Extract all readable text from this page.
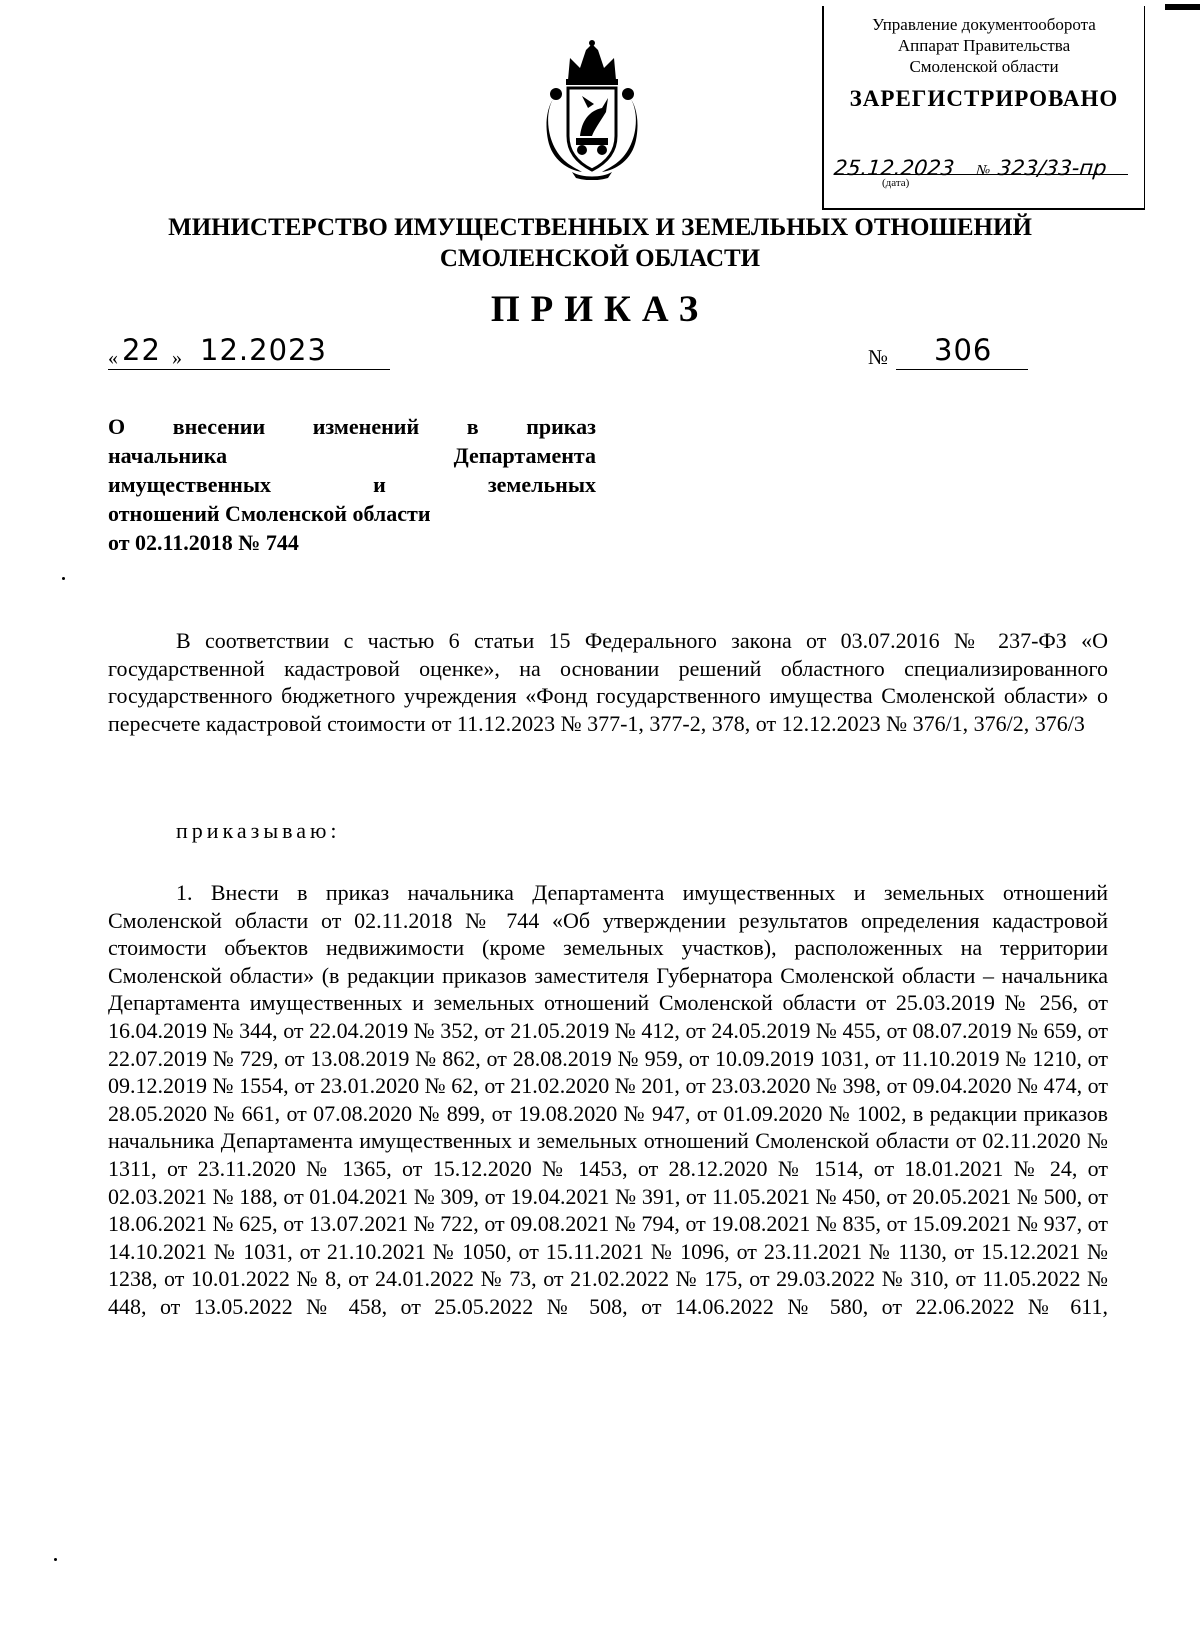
Управление документооборота
Аппарат Правительства
Смоленской области
ЗАРЕГИСТРИРОВАНО
25.12.2023 № 323/33-пр
(дата)
МИНИСТЕРСТВО ИМУЩЕСТВЕННЫХ И ЗЕМЕЛЬНЫХ ОТНОШЕНИЙ
СМОЛЕНСКОЙ ОБЛАСТИ
ПРИКАЗ
« 22 » 12.2023	№ 306
О внесении изменений в приказ
начальника Департамента
имущественных и земельных
отношений Смоленской области
от 02.11.2018 № 744

В соответствии с частью 6 статьи 15 Федерального закона от 03.07.2016 № 237-ФЗ «О государственной кадастровой оценке», на основании решений областного специализированного государственного бюджетного учреждения «Фонд государственного имущества Смоленской области» о пересчете кадастровой стоимости от 11.12.2023 № 377-1, 377-2, 378, от 12.12.2023 № 376/1, 376/2, 376/3

приказываю:

1. Внести в приказ начальника Департамента имущественных и земельных отношений Смоленской области от 02.11.2018 № 744 «Об утверждении результатов определения кадастровой стоимости объектов недвижимости (кроме земельных участков), расположенных на территории Смоленской области» (в редакции приказов заместителя Губернатора Смоленской области – начальника Департамента имущественных и земельных отношений Смоленской области от 25.03.2019 № 256, от 16.04.2019 № 344, от 22.04.2019 № 352, от 21.05.2019 № 412, от 24.05.2019 № 455, от 08.07.2019 № 659, от 22.07.2019 № 729, от 13.08.2019 № 862, от 28.08.2019 № 959, от 10.09.2019 1031, от 11.10.2019 № 1210, от 09.12.2019 № 1554, от 23.01.2020 № 62, от 21.02.2020 № 201, от 23.03.2020 № 398, от 09.04.2020 № 474, от 28.05.2020 № 661, от 07.08.2020 № 899, от 19.08.2020 № 947, от 01.09.2020 № 1002, в редакции приказов начальника Департамента имущественных и земельных отношений Смоленской области от 02.11.2020 № 1311, от 23.11.2020 № 1365, от 15.12.2020 № 1453, от 28.12.2020 № 1514, от 18.01.2021 № 24, от 02.03.2021 № 188, от 01.04.2021 № 309, от 19.04.2021 № 391, от 11.05.2021 № 450, от 20.05.2021 № 500, от 18.06.2021 № 625, от 13.07.2021 № 722, от 09.08.2021 № 794, от 19.08.2021 № 835, от 15.09.2021 № 937, от 14.10.2021 № 1031, от 21.10.2021 № 1050, от 15.11.2021 № 1096, от 23.11.2021 № 1130, от 15.12.2021 № 1238, от 10.01.2022 № 8, от 24.01.2022 № 73, от 21.02.2022 № 175, от 29.03.2022 № 310, от 11.05.2022 № 448, от 13.05.2022 № 458, от 25.05.2022 № 508, от 14.06.2022 № 580, от 22.06.2022 № 611,
